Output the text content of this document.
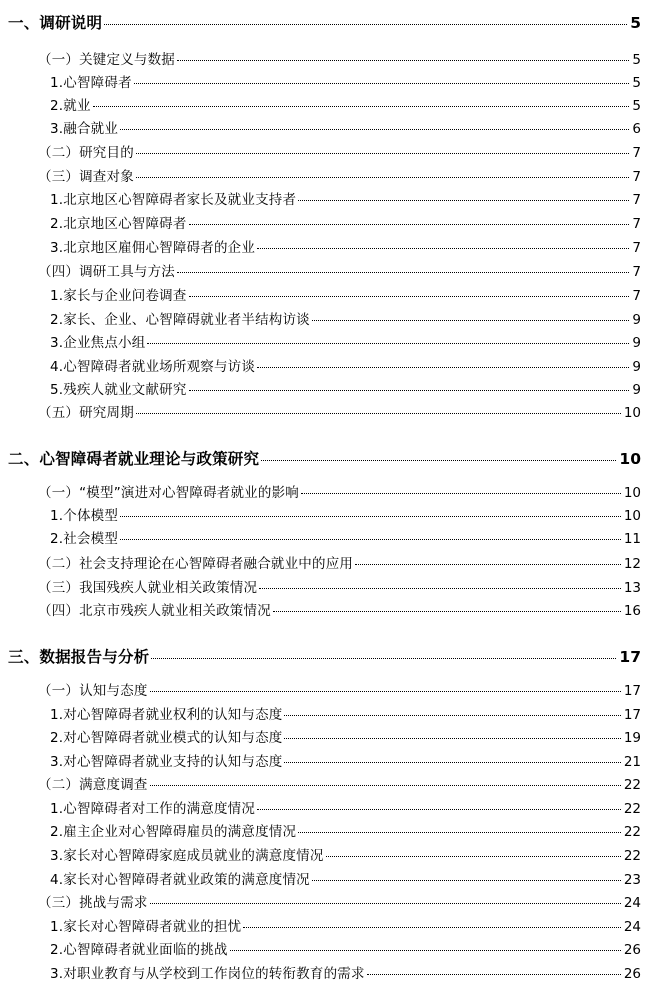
一、调研说明	5
（一）关键定义与数据	5
1.心智障碍者	5
2.就业	5
3.融合就业	6
（二）研究目的	7
（三）调查对象	7
1.北京地区心智障碍者家长及就业支持者	7
2.北京地区心智障碍者	7
3.北京地区雇佣心智障碍者的企业	7
（四）调研工具与方法	7
1.家长与企业问卷调查	7
2.家长、企业、心智障碍就业者半结构访谈	9
3.企业焦点小组	9
4.心智障碍者就业场所观察与访谈	9
5.残疾人就业文献研究	9
（五）研究周期	10
二、心智障碍者就业理论与政策研究	10
（一）“模型”演进对心智障碍者就业的影响	10
1.个体模型	10
2.社会模型	11
（二）社会支持理论在心智障碍者融合就业中的应用	12
（三）我国残疾人就业相关政策情况	13
（四）北京市残疾人就业相关政策情况	16
三、数据报告与分析	17
（一）认知与态度	17
1.对心智障碍者就业权利的认知与态度	17
2.对心智障碍者就业模式的认知与态度	19
3.对心智障碍者就业支持的认知与态度	21
（二）满意度调查	22
1.心智障碍者对工作的满意度情况	22
2.雇主企业对心智障碍雇员的满意度情况	22
3.家长对心智障碍家庭成员就业的满意度情况	22
4.家长对心智障碍者就业政策的满意度情况	23
（三）挑战与需求	24
1.家长对心智障碍者就业的担忧	24
2.心智障碍者就业面临的挑战	26
3.对职业教育与从学校到工作岗位的转衔教育的需求	26
